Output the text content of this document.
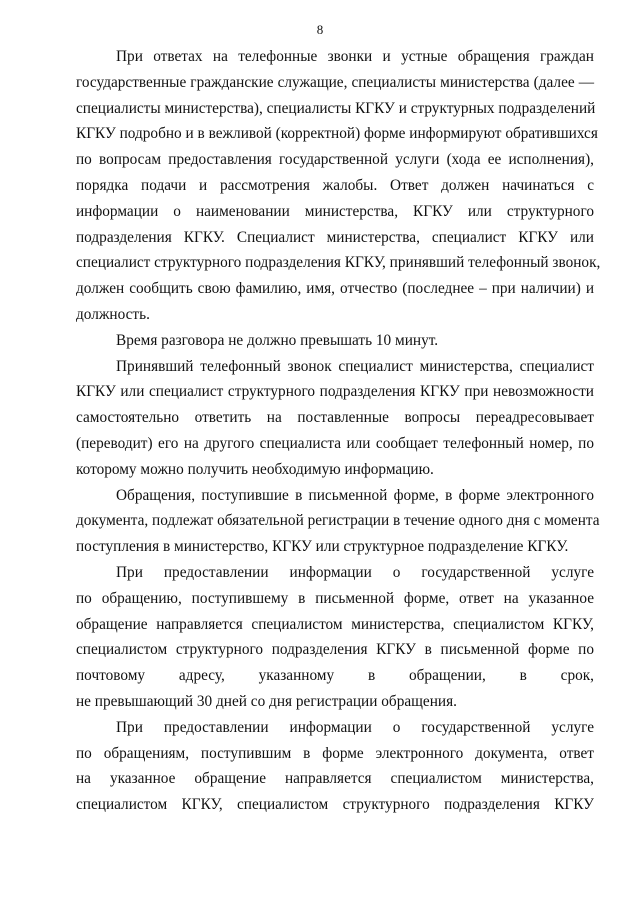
8

При ответах на телефонные звонки и устные обращения граждан
государственные гражданские служащие, специалисты министерства (далее —
специалисты министерства), специалисты КГКУ и структурных подразделений
КГКУ подробно и в вежливой (корректной) форме информируют обратившихся
по вопросам предоставления государственной услуги (хода ее исполнения),
порядка подачи и рассмотрения жалобы. Ответ должен начинаться с
информации о наименовании министерства, КГКУ или структурного
подразделения КГКУ. Специалист министерства, специалист КГКУ или
специалист структурного подразделения КГКУ, принявший телефонный звонок,
должен сообщить свою фамилию, имя, отчество (последнее – при наличии) и
должность.

Время разговора не должно превышать 10 минут.

Принявший телефонный звонок специалист министерства, специалист
КГКУ или специалист структурного подразделения КГКУ при невозможности
самостоятельно ответить на поставленные вопросы переадресовывает
(переводит) его на другого специалиста или сообщает телефонный номер, по
которому можно получить необходимую информацию.

Обращения, поступившие в письменной форме, в форме электронного
документа, подлежат обязательной регистрации в течение одного дня с момента
поступления в министерство, КГКУ или структурное подразделение КГКУ.

При предоставлении информации о государственной услуге
по обращению, поступившему в письменной форме, ответ на указанное
обращение направляется специалистом министерства, специалистом КГКУ,
специалистом структурного подразделения КГКУ в письменной форме по
почтовому адресу, указанному в обращении, в срок,
не превышающий 30 дней со дня регистрации обращения.

При предоставлении информации о государственной услуге
по обращениям, поступившим в форме электронного документа, ответ
на указанное обращение направляется специалистом министерства,
специалистом КГКУ, специалистом структурного подразделения КГКУ
